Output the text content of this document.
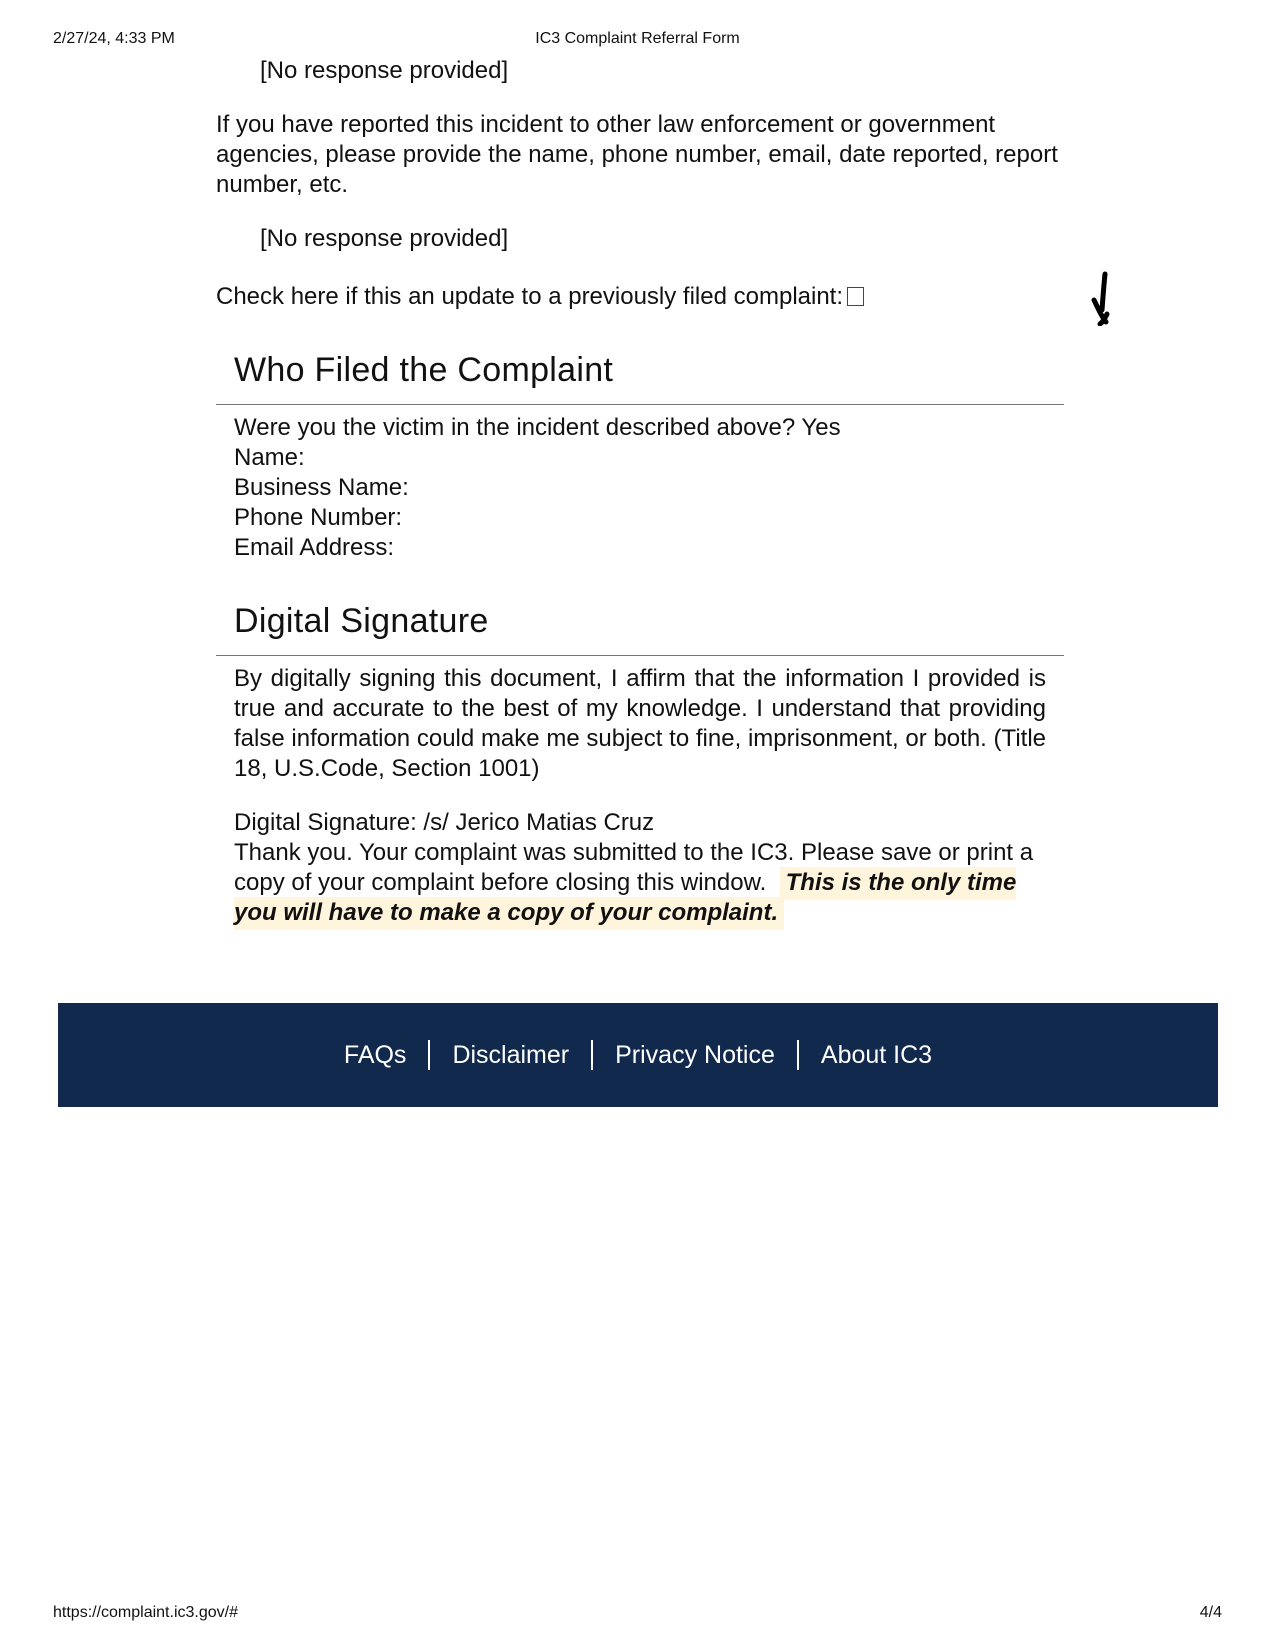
2/27/24, 4:33 PM	IC3 Complaint Referral Form
[No response provided]
If you have reported this incident to other law enforcement or government agencies, please provide the name, phone number, email, date reported, report number, etc.
[No response provided]
Check here if this an update to a previously filed complaint:
Who Filed the Complaint
Were you the victim in the incident described above? Yes
Name:
Business Name:
Phone Number:
Email Address:
Digital Signature
By digitally signing this document, I affirm that the information I provided is true and accurate to the best of my knowledge. I understand that providing false information could make me subject to fine, imprisonment, or both. (Title 18, U.S.Code, Section 1001)
Digital Signature: /s/ Jerico Matias Cruz
Thank you. Your complaint was submitted to the IC3. Please save or print a copy of your complaint before closing this window. This is the only time you will have to make a copy of your complaint.
FAQs	Disclaimer	Privacy Notice	About IC3
https://complaint.ic3.gov/#	4/4
